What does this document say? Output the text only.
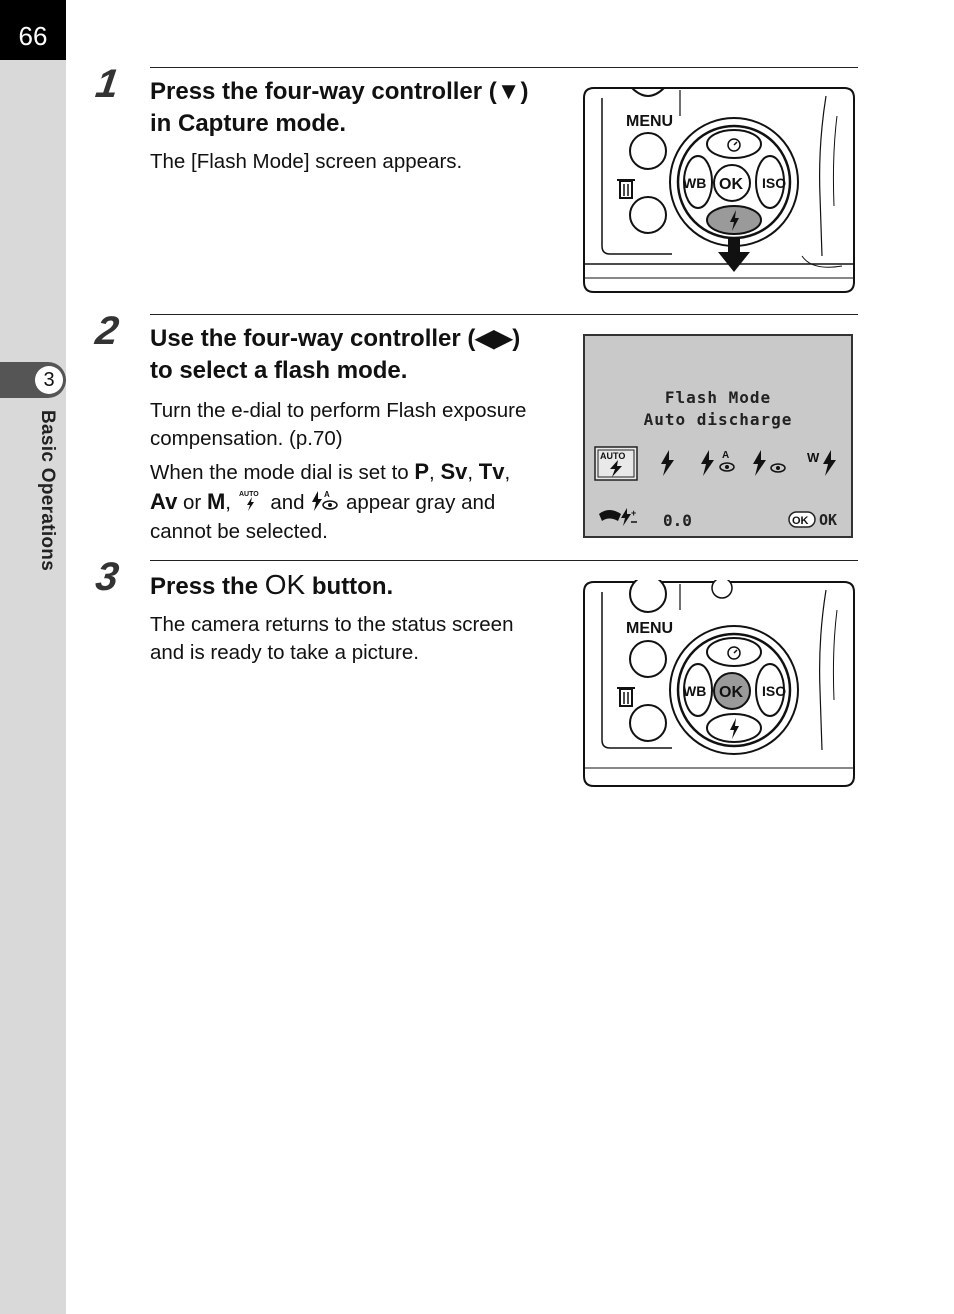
66
3
Basic Operations
1 Press the four-way controller (▼)
in Capture mode.
The [Flash Mode] screen appears.
MENU
WB	ISO
OK
2 Use the four-way controller (◀▶)
to select a flash mode.
Turn the e-dial to perform Flash exposure
compensation. (p.70)
When the mode dial is set to P, Sv, Tv,
Av or M, AUTO and A appear gray and
cannot be selected.
Flash Mode
Auto discharge
AUTO	A	W
+ 0.0	OK OK
3 Press the OK button.
The camera returns to the status screen
and is ready to take a picture.
MENU
WB	ISO
OK
